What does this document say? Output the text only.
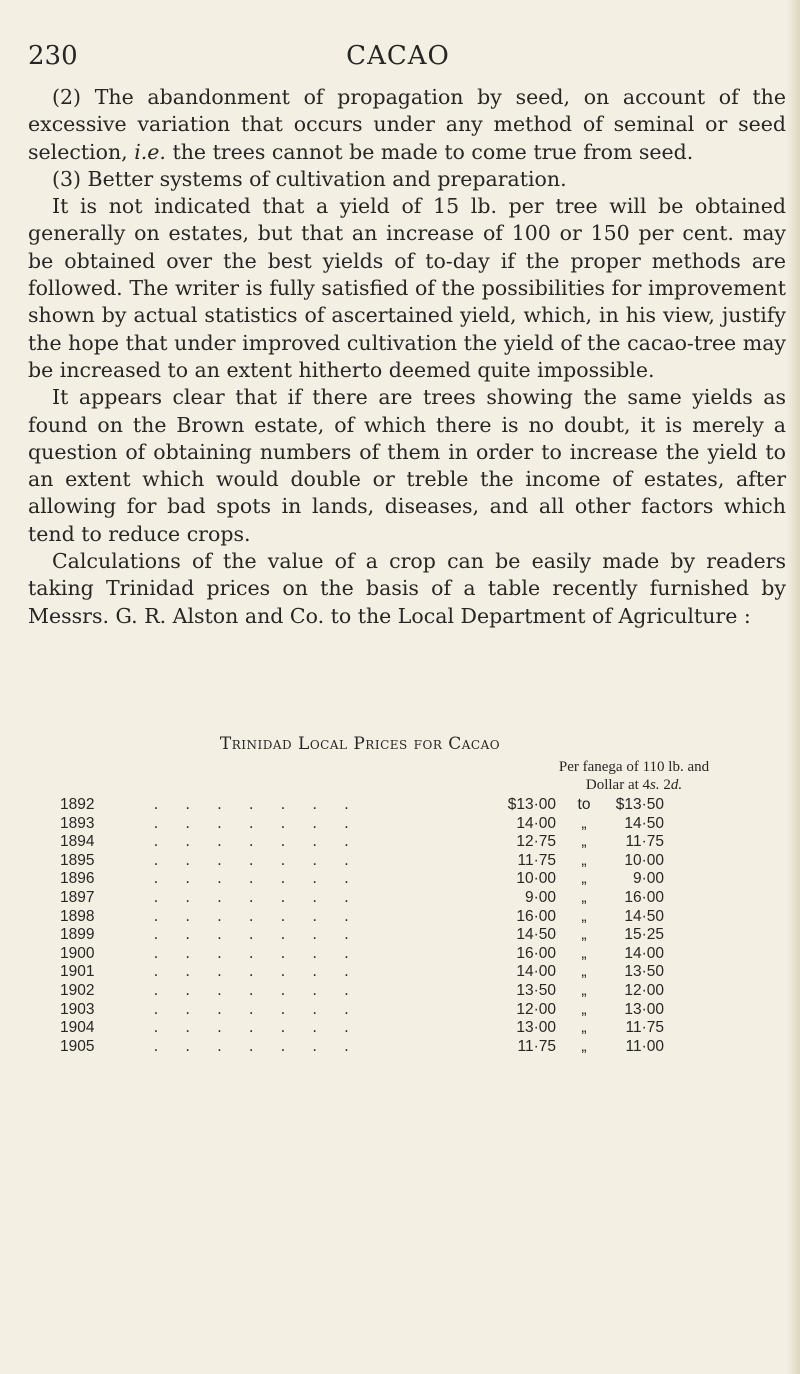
230	CACAO

(2) The abandonment of propagation by seed, on account of the excessive variation that occurs under any method of seminal or seed selection, i.e. the trees cannot be made to come true from seed.

(3) Better systems of cultivation and preparation.

It is not indicated that a yield of 15 lb. per tree will be obtained generally on estates, but that an increase of 100 or 150 per cent. may be obtained over the best yields of to-day if the proper methods are followed. The writer is fully satisfied of the possibilities for improvement shown by actual statistics of ascertained yield, which, in his view, justify the hope that under improved cultivation the yield of the cacao-tree may be increased to an extent hitherto deemed quite impossible.

It appears clear that if there are trees showing the same yields as found on the Brown estate, of which there is no doubt, it is merely a question of obtaining numbers of them in order to increase the yield to an extent which would double or treble the income of estates, after allowing for bad spots in lands, diseases, and all other factors which tend to reduce crops.

Calculations of the value of a crop can be easily made by readers taking Trinidad prices on the basis of a table recently furnished by Messrs. G. R. Alston and Co. to the Local Department of Agriculture :

Trinidad Local Prices for Cacao
Per fanega of 110 lb. and
Dollar at 4s. 2d.
1892	. . . . . . .	$13·00	to	$13·50
1893	. . . . . . .	14·00	„	14·50
1894	. . . . . . .	12·75	„	11·75
1895	. . . . . . .	11·75	„	10·00
1896	. . . . . . .	10·00	„	9·00
1897	. . . . . . .	9·00	„	16·00
1898	. . . . . . .	16·00	„	14·50
1899	. . . . . . .	14·50	„	15·25
1900	. . . . . . .	16·00	„	14·00
1901	. . . . . . .	14·00	„	13·50
1902	. . . . . . .	13·50	„	12·00
1903	. . . . . . .	12·00	„	13·00
1904	. . . . . . .	13·00	„	11·75
1905	. . . . . . .	11·75	„	11·00
